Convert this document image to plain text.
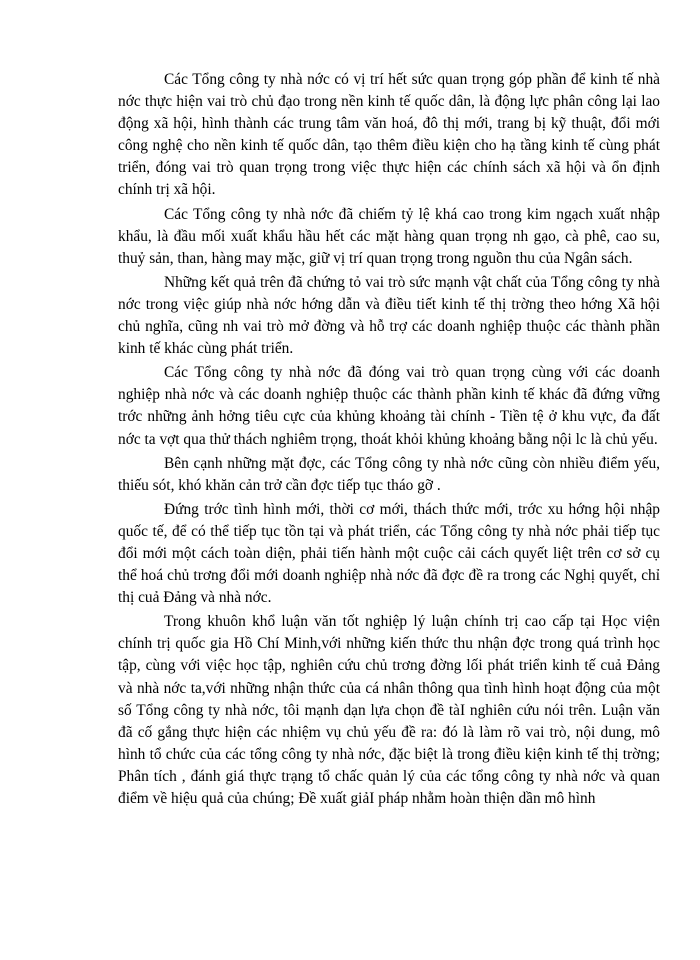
Các Tổng công ty nhà nớc có vị trí hết sức quan trọng góp phần để kinh tế nhà nớc thực hiện vai trò chủ đạo trong nền kinh tế quốc dân, là động lực phân công lại lao động xã hội, hình thành các trung tâm văn hoá, đô thị mới, trang bị kỹ thuật, đổi mới công nghệ cho nền kinh tế quốc dân, tạo thêm điều kiện cho hạ tầng kinh tế cùng phát triển, đóng vai trò quan trọng trong việc thực hiện các chính sách xã hội và ổn định chính trị xã hội.

Các Tổng công ty nhà nớc đã chiếm tỷ lệ khá cao trong kim ngạch xuất nhập khẩu, là đầu mối xuất khẩu hầu hết các mặt hàng quan trọng nh gạo, cà phê, cao su, thuỷ sản, than, hàng may mặc, giữ vị trí quan trọng trong nguồn thu của Ngân sách.

Những kết quả trên đã chứng tỏ vai trò sức mạnh vật chất của Tổng công ty nhà nớc trong việc giúp nhà nớc hớng dẫn và điều tiết kinh tế thị trờng theo hớng Xã hội chủ nghĩa, cũng nh vai trò mở đờng và hỗ trợ các doanh nghiệp thuộc các thành phần kinh tế khác cùng phát triển.

Các Tổng công ty nhà nớc đã đóng vai trò quan trọng cùng với các doanh nghiệp nhà nớc và các doanh nghiệp thuộc các thành phần kinh tế khác đã đứng vững trớc những ảnh hởng tiêu cực của khủng khoảng tài chính - Tiền tệ ở khu vực, đa đất nớc ta vợt qua thử thách nghiêm trọng, thoát khỏi khủng khoảng bằng nội lc là chủ yếu.

Bên cạnh những mặt đợc, các Tổng công ty nhà nớc cũng còn nhiều điểm yếu, thiếu sót, khó khăn cản trở cần đợc tiếp tục tháo gỡ .

Đứng trớc tình hình mới, thời cơ mới, thách thức mới, trớc xu hớng hội nhập quốc tế, để có thể tiếp tục tồn tại và phát triển, các Tổng công ty nhà nớc phải tiếp tục đổi mới một cách toàn diện, phải tiến hành một cuộc cải cách quyết liệt trên cơ sở cụ thể hoá chủ trơng đổi mới doanh nghiệp nhà nớc đã đợc đề ra trong các Nghị quyết, chỉ thị cuả Đảng và nhà nớc.

Trong khuôn khổ luận văn tốt nghiệp lý luận chính trị cao cấp tại Học viện chính trị quốc gia Hồ Chí Minh,với những kiến thức thu nhận đợc trong quá trình học tập, cùng với việc học tập, nghiên cứu chủ trơng đờng lối phát triển kinh tế cuả Đảng và nhà nớc ta,với những nhận thức của cá nhân thông qua tình hình hoạt động của một số Tổng công ty nhà nớc, tôi mạnh dạn lựa chọn đề tàI nghiên cứu nói trên. Luận văn đã cố gắng thực hiện các nhiệm vụ chủ yếu đề ra: đó là làm rõ vai trò, nội dung, mô hình tổ chức của các tổng công ty nhà nớc, đặc biệt là trong điều kiện kinh tế thị trờng; Phân tích , đánh giá thực trạng tổ chấc quản lý của các tổng công ty nhà nớc và quan điểm về hiệu quả của chúng; Đề xuất giảI pháp nhằm hoàn thiện dần mô hình
